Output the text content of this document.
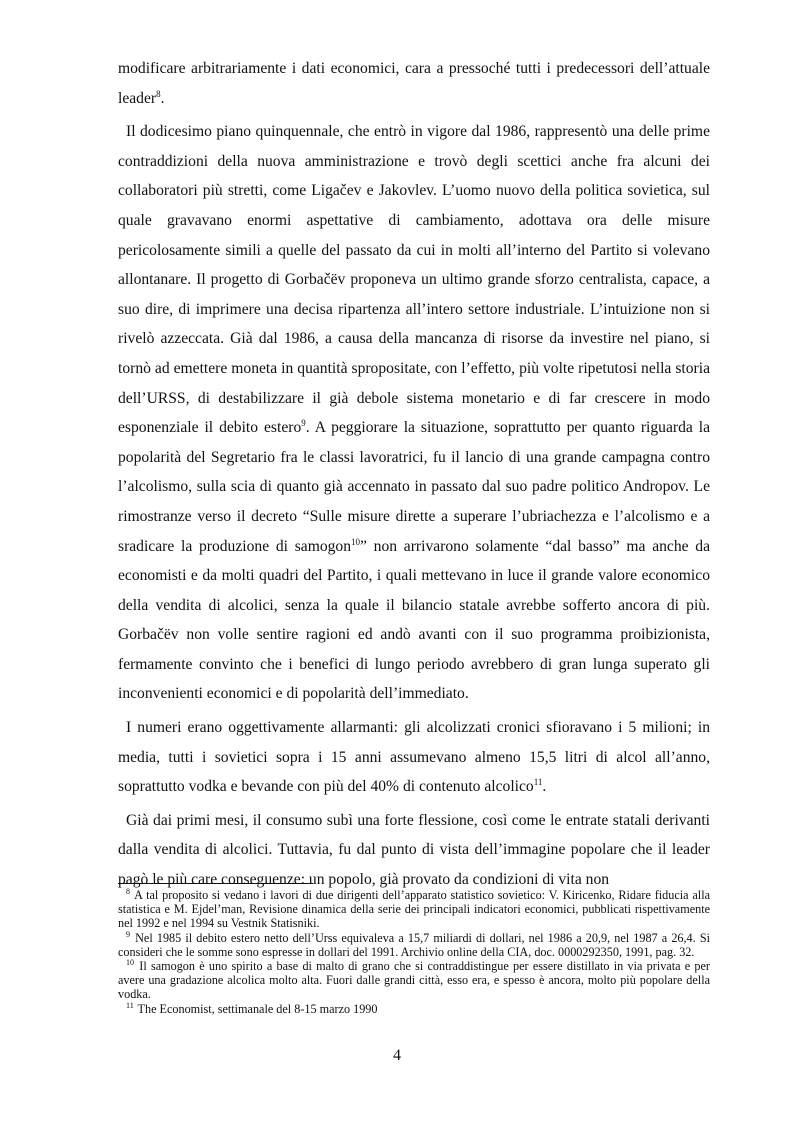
modificare arbitrariamente i dati economici, cara a pressoché tutti i predecessori dell’attuale leader$^8$.

Il dodicesimo piano quinquennale, che entrò in vigore dal 1986, rappresentò una delle prime contraddizioni della nuova amministrazione e trovò degli scettici anche fra alcuni dei collaboratori più stretti, come Ligačev e Jakovlev. L’uomo nuovo della politica sovietica, sul quale gravavano enormi aspettative di cambiamento, adottava ora delle misure pericolosamente simili a quelle del passato da cui in molti all’interno del Partito si volevano allontanare. Il progetto di Gorbačëv proponeva un ultimo grande sforzo centralista, capace, a suo dire, di imprimere una decisa ripartenza all’intero settore industriale. L’intuizione non si rivelò azzeccata. Già dal 1986, a causa della mancanza di risorse da investire nel piano, si tornò ad emettere moneta in quantità spropositate, con l’effetto, più volte ripetutosi nella storia dell’URSS, di destabilizzare il già debole sistema monetario e di far crescere in modo esponenziale il debito estero$^9$. A peggiorare la situazione, soprattutto per quanto riguarda la popolarità del Segretario fra le classi lavoratrici, fu il lancio di una grande campagna contro l’alcolismo, sulla scia di quanto già accennato in passato dal suo padre politico Andropov. Le rimostranze verso il decreto “Sulle misure dirette a superare l’ubriachezza e l’alcolismo e a sradicare la produzione di samogon$^{10}$” non arrivarono solamente “dal basso” ma anche da economisti e da molti quadri del Partito, i quali mettevano in luce il grande valore economico della vendita di alcolici, senza la quale il bilancio statale avrebbe sofferto ancora di più. Gorbačëv non volle sentire ragioni ed andò avanti con il suo programma proibizionista, fermamente convinto che i benefici di lungo periodo avrebbero di gran lunga superato gli inconvenienti economici e di popolarità dell’immediato.

I numeri erano oggettivamente allarmanti: gli alcolizzati cronici sfioravano i 5 milioni; in media, tutti i sovietici sopra i 15 anni assumevano almeno 15,5 litri di alcol all’anno, soprattutto vodka e bevande con più del 40% di contenuto alcolico$^{11}$.

Già dai primi mesi, il consumo subì una forte flessione, così come le entrate statali derivanti dalla vendita di alcolici. Tuttavia, fu dal punto di vista dell’immagine popolare che il leader pagò le più care conseguenze: un popolo, già provato da condizioni di vita non

$^8$ A tal proposito si vedano i lavori di due dirigenti dell’apparato statistico sovietico: V. Kiricenko, Ridare fiducia alla statistica e M. Ejdel’man, Revisione dinamica della serie dei principali indicatori economici, pubblicati rispettivamente nel 1992 e nel 1994 su Vestnik Statisniki.

$^9$ Nel 1985 il debito estero netto dell’Urss equivaleva a 15,7 miliardi di dollari, nel 1986 a 20,9, nel 1987 a 26,4. Si consideri che le somme sono espresse in dollari del 1991. Archivio online della CIA, doc. 0000292350, 1991, pag. 32.

$^{10}$ Il samogon è uno spirito a base di malto di grano che si contraddistingue per essere distillato in via privata e per avere una gradazione alcolica molto alta. Fuori dalle grandi città, esso era, e spesso è ancora, molto più popolare della vodka.

$^{11}$ The Economist, settimanale del 8-15 marzo 1990

4
